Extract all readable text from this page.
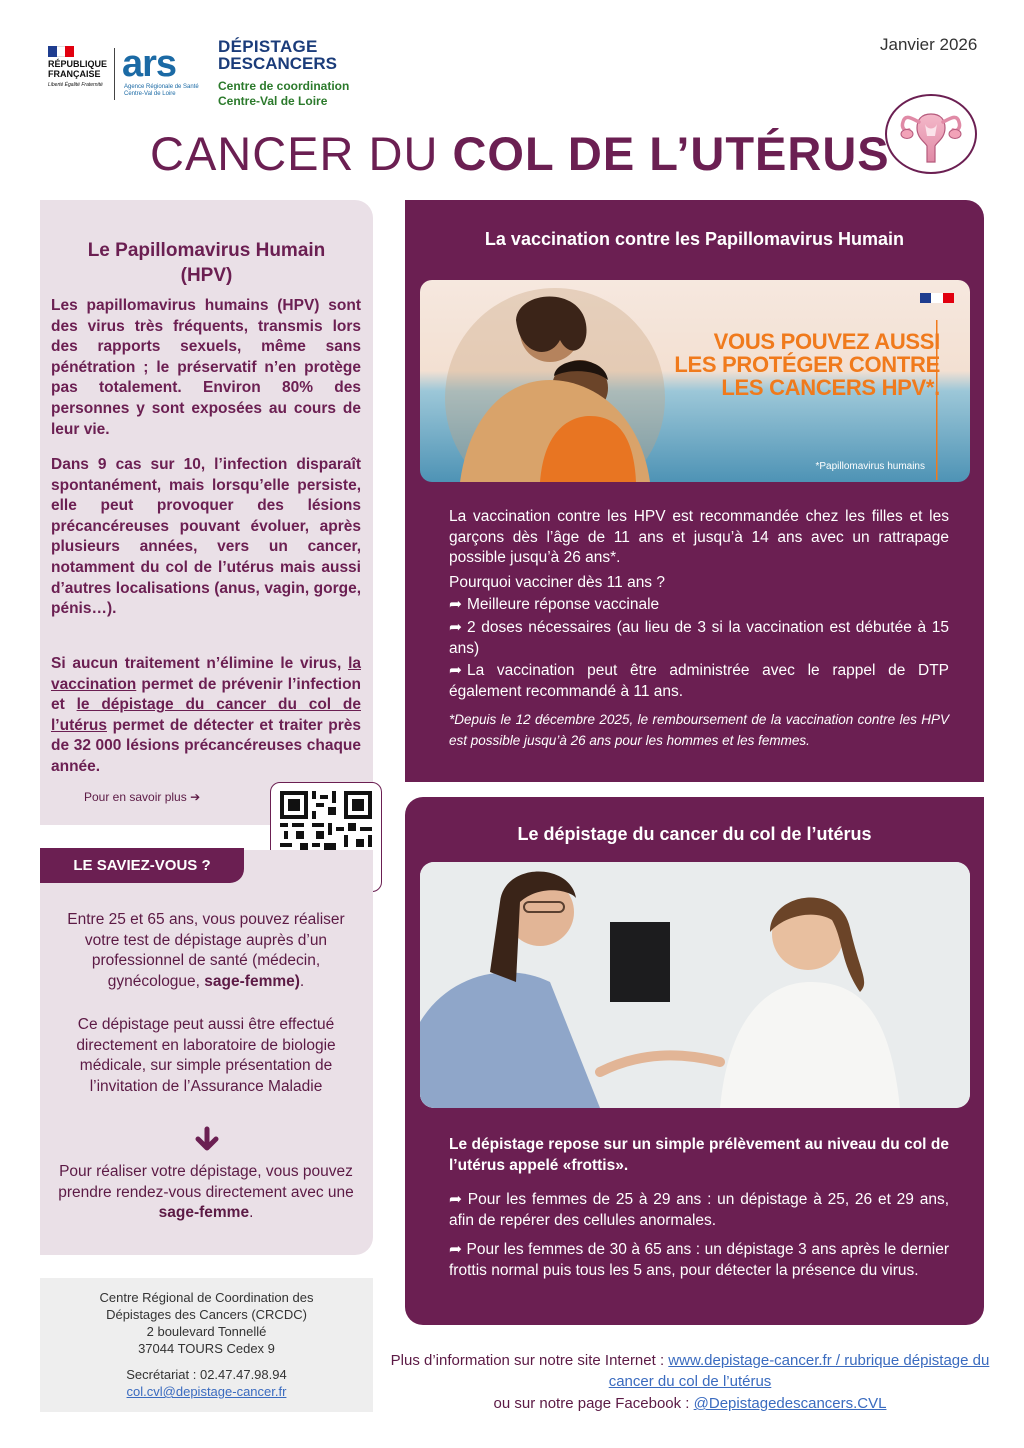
RÉPUBLIQUE FRANÇAISE
Liberté Égalité Fraternité ars
Agence Régionale de Santé Centre-Val de Loire
DÉPISTAGE
DESCANCERS
Centre de coordination
Centre-Val de Loire
Janvier 2026
CANCER DU COL DE L’UTÉRUS
Le Papillomavirus Humain (HPV)
Les papillomavirus humains (HPV) sont des virus très fréquents, transmis lors des rapports sexuels, même sans pénétration ; le préservatif n’en protège pas totalement. Environ 80% des personnes y sont exposées au cours de leur vie.
Dans 9 cas sur 10, l’infection disparaît spontanément, mais lorsqu’elle persiste, elle peut provoquer des lésions précancéreuses pouvant évoluer, après plusieurs années, vers un cancer, notamment du col de l’utérus mais aussi d’autres localisations (anus, vagin, gorge, pénis…).
Si aucun traitement n’élimine le virus, la vaccination permet de prévenir l’infection et le dépistage du cancer du col de l’utérus permet de détecter et traiter près de 32 000 lésions précancéreuses chaque année.
Pour en savoir plus ➔
LE SAVIEZ-VOUS ?
Entre 25 et 65 ans, vous pouvez réaliser votre test de dépistage auprès d’un professionnel de santé (médecin, gynécologue, sage-femme).
Ce dépistage peut aussi être effectué directement en laboratoire de biologie médicale, sur simple présentation de l’invitation de l’Assurance Maladie
Pour réaliser votre dépistage, vous pouvez prendre rendez-vous directement avec une sage-femme.
Centre Régional de Coordination des
Dépistages des Cancers (CRCDC)
2 boulevard Tonnellé
37044 TOURS Cedex 9
Secrétariat : 02.47.47.98.94
col.cvl@depistage-cancer.fr
La vaccination contre les Papillomavirus Humain
VOUS POUVEZ AUSSI
LES PROTÉGER CONTRE
LES CANCERS HPV*.
*Papillomavirus humains
La vaccination contre les HPV est recommandée chez les filles et les garçons dès l’âge de 11 ans et jusqu’à 14 ans avec un rattrapage possible jusqu’à 26 ans*.
Pourquoi vacciner dès 11 ans ?
➦ Meilleure réponse vaccinale
➦ 2 doses nécessaires (au lieu de 3 si la vaccination est débutée à 15 ans)
➦ La vaccination peut être administrée avec le rappel de DTP également recommandé à 11 ans.
*Depuis le 12 décembre 2025, le remboursement de la vaccination contre les HPV est possible jusqu’à 26 ans pour les hommes et les femmes.
Le dépistage du cancer du col de l’utérus
Le dépistage repose sur un simple prélèvement au niveau du col de l’utérus appelé «frottis».
➦ Pour les femmes de 25 à 29 ans : un dépistage à 25, 26 et 29 ans, afin de repérer des cellules anormales.
➦ Pour les femmes de 30 à 65 ans : un dépistage 3 ans après le dernier frottis normal puis tous les 5 ans, pour détecter la présence du virus.
Plus d’information sur notre site Internet : www.depistage-cancer.fr / rubrique dépistage du cancer du col de l’utérus
ou sur notre page Facebook : @Depistagedescancers.CVL
